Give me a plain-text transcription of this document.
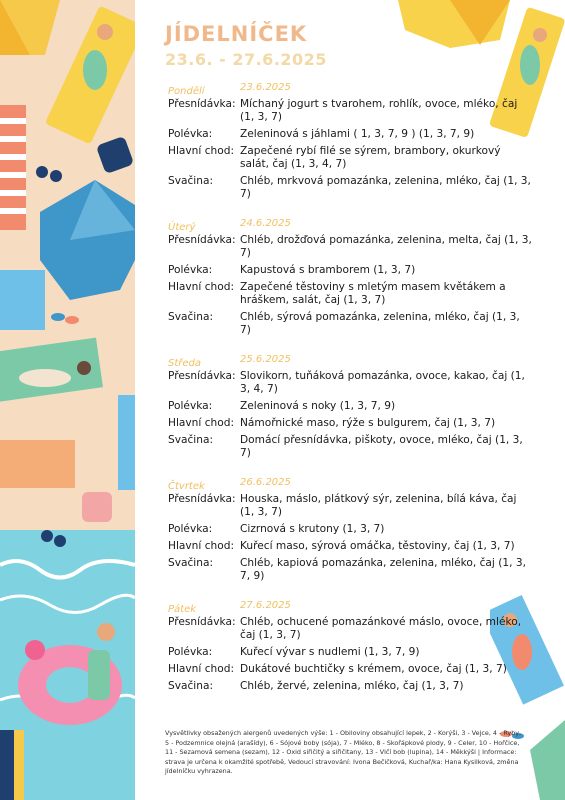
JÍDELNÍČEK
23.6. - 27.6.2025
Pondělí	23.6.2025
Přesnídávka: Míchaný jogurt s tvarohem, rohlík, ovoce, mléko, čaj (1, 3, 7)
Polévka:	Zeleninová s jáhlami ( 1, 3, 7, 9 ) (1, 3, 7, 9)
Hlavní chod: Zapečené rybí filé se sýrem, brambory, okurkový salát, čaj (1, 3, 4, 7)
Svačina:	Chléb, mrkvová pomazánka, zelenina, mléko, čaj (1, 3, 7)
Úterý	24.6.2025
Přesnídávka: Chléb, drožďová pomazánka, zelenina, melta, čaj (1, 3, 7)
Polévka:	Kapustová s bramborem (1, 3, 7)
Hlavní chod: Zapečené těstoviny s mletým masem květákem a hráškem, salát, čaj (1, 3, 7)
Svačina:	Chléb, sýrová pomazánka, zelenina, mléko, čaj (1, 3, 7)
Středa	25.6.2025
Přesnídávka: Slovikorn, tuňáková pomazánka, ovoce, kakao, čaj (1, 3, 4, 7)
Polévka:	Zeleninová s noky (1, 3, 7, 9)
Hlavní chod: Námořnické maso, rýže s bulgurem, čaj (1, 3, 7)
Svačina:	Domácí přesnídávka, piškoty, ovoce, mléko, čaj (1, 3, 7)
Čtvrtek	26.6.2025
Přesnídávka: Houska, máslo, plátkový sýr, zelenina, bílá káva, čaj (1, 3, 7)
Polévka:	Cizrnová s krutony (1, 3, 7)
Hlavní chod: Kuřecí maso, sýrová omáčka, těstoviny, čaj (1, 3, 7)
Svačina:	Chléb, kapiová pomazánka, zelenina, mléko, čaj (1, 3, 7, 9)
Pátek	27.6.2025
Přesnídávka: Chléb, ochucené pomazánkové máslo, ovoce, mléko, čaj (1, 3, 7)
Polévka:	Kuřecí vývar s nudlemi (1, 3, 7, 9)
Hlavní chod: Dukátové buchtičky s krémem, ovoce, čaj (1, 3, 7)
Svačina:	Chléb, žervé, zelenina, mléko, čaj (1, 3, 7)
Vysvětlivky obsažených alergenů uvedených výše: 1 - Obiloviny obsahující lepek, 2 - Korýši, 3 - Vejce, 4 - Ryby, 5 - Podzemnice olejná (arašídy), 6 - Sójové boby (sója), 7 - Mléko, 8 - Skořápkové plody, 9 - Celer, 10 - Hořčice, 11 - Sezamová semena (sezam), 12 - Oxid siřičitý a siřičitany, 13 - Vlčí bob (lupina), 14 - Měkkýši | Informace: strava je určena k okamžité spotřebě, Vedoucí stravování: Ivona Bečičková, Kuchař/ka: Hana Kysilková, změna jídelníčku vyhrazena.
